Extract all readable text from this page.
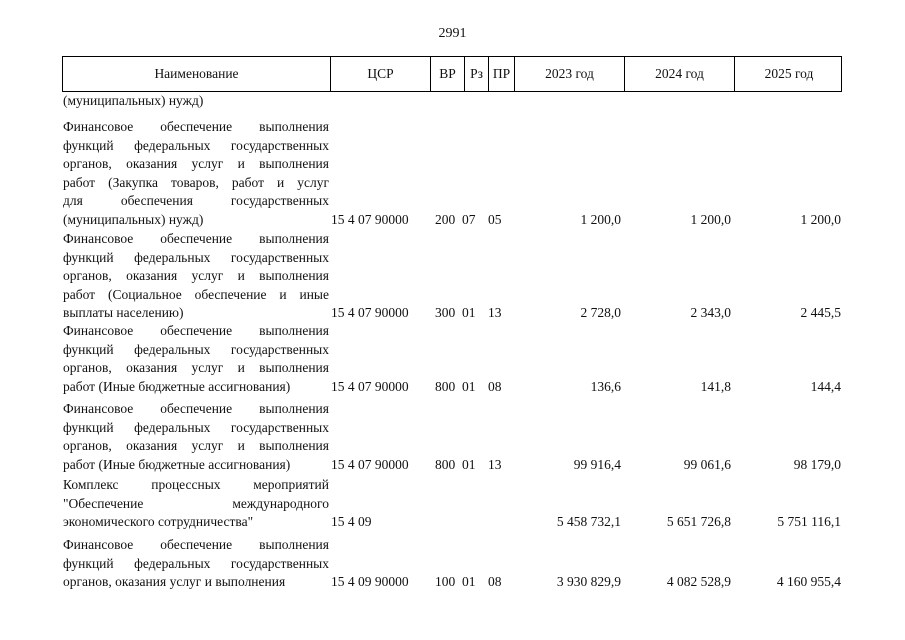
2991
Наименование	ЦСР	ВР	Рз ПР	2023 год	2024 год	2025 год
(муниципальных) нужд)
Финансовое обеспечение выполнения
функций федеральных государственных
органов, оказания услуг и выполнения
работ (Закупка товаров, работ и услуг
для обеспечения государственных
(муниципальных) нужд)	15 4 07 90000 200 07 05	1 200,0	1 200,0	1 200,0
Финансовое обеспечение выполнения
функций федеральных государственных
органов, оказания услуг и выполнения
работ (Социальное обеспечение и иные
выплаты населению)	15 4 07 90000 300 01 13	2 728,0	2 343,0	2 445,5
Финансовое обеспечение выполнения
функций федеральных государственных
органов, оказания услуг и выполнения
работ (Иные бюджетные ассигнования)	15 4 07 90000 800 01 08	136,6	141,8	144,4
Финансовое обеспечение выполнения
функций федеральных государственных
органов, оказания услуг и выполнения
работ (Иные бюджетные ассигнования)	15 4 07 90000 800 01 13	99 916,4	99 061,6	98 179,0
Комплекс процессных мероприятий
"Обеспечение международного
экономического сотрудничества"	15 4 09	5 458 732,1	5 651 726,8	5 751 116,1
Финансовое обеспечение выполнения
функций федеральных государственных
органов, оказания услуг и выполнения	15 4 09 90000 100 01 08	3 930 829,9	4 082 528,9	4 160 955,4
